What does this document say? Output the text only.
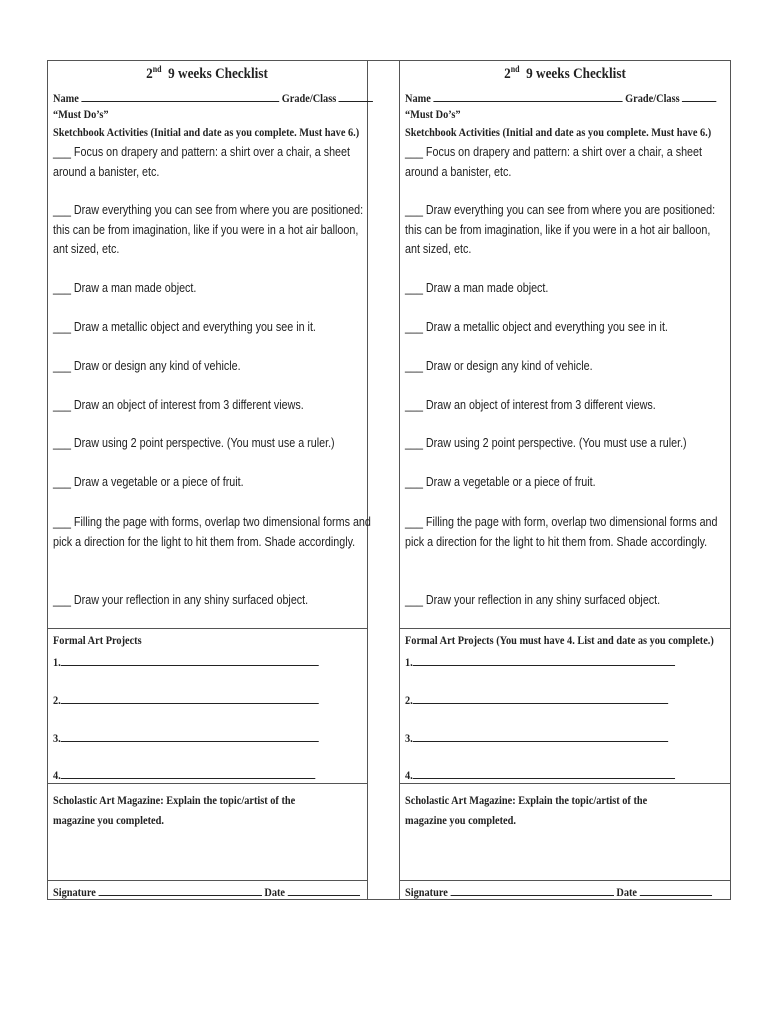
2nd 9 weeks Checklist
Name	Grade/Class
“Must Do’s”
Sketchbook Activities (Initial and date as you complete. Must have 6.)
___ Focus on drapery and pattern: a shirt over a chair, a sheet around a banister, etc.
___ Draw everything you can see from where you are positioned: this can be from imagination, like if you were in a hot air balloon, ant sized, etc.
___ Draw a man made object.
___ Draw a metallic object and everything you see in it.
___ Draw or design any kind of vehicle.
___ Draw an object of interest from 3 different views.
___ Draw using 2 point perspective. (You must use a ruler.)
___ Draw a vegetable or a piece of fruit.
___ Filling the page with forms, overlap two dimensional forms and pick a direction for the light to hit them from. Shade accordingly.
___ Draw your reflection in any shiny surfaced object.
Formal Art Projects
1.
2.
3.
4.
Scholastic Art Magazine: Explain the topic/artist of the magazine you completed.
Signature	Date
2nd 9 weeks Checklist
Name	Grade/Class
“Must Do’s”
Sketchbook Activities (Initial and date as you complete. Must have 6.)
___ Focus on drapery and pattern: a shirt over a chair, a sheet around a banister, etc.
___ Draw everything you can see from where you are positioned: this can be from imagination, like if you were in a hot air balloon, ant sized, etc.
___ Draw a man made object.
___ Draw a metallic object and everything you see in it.
___ Draw or design any kind of vehicle.
___ Draw an object of interest from 3 different views.
___ Draw using 2 point perspective. (You must use a ruler.)
___ Draw a vegetable or a piece of fruit.
___ Filling the page with form, overlap two dimensional forms and pick a direction for the light to hit them from. Shade accordingly.
___ Draw your reflection in any shiny surfaced object.
Formal Art Projects (You must have 4. List and date as you complete.)
1.
2.
3.
4.
Scholastic Art Magazine: Explain the topic/artist of the magazine you completed.
Signature	Date
